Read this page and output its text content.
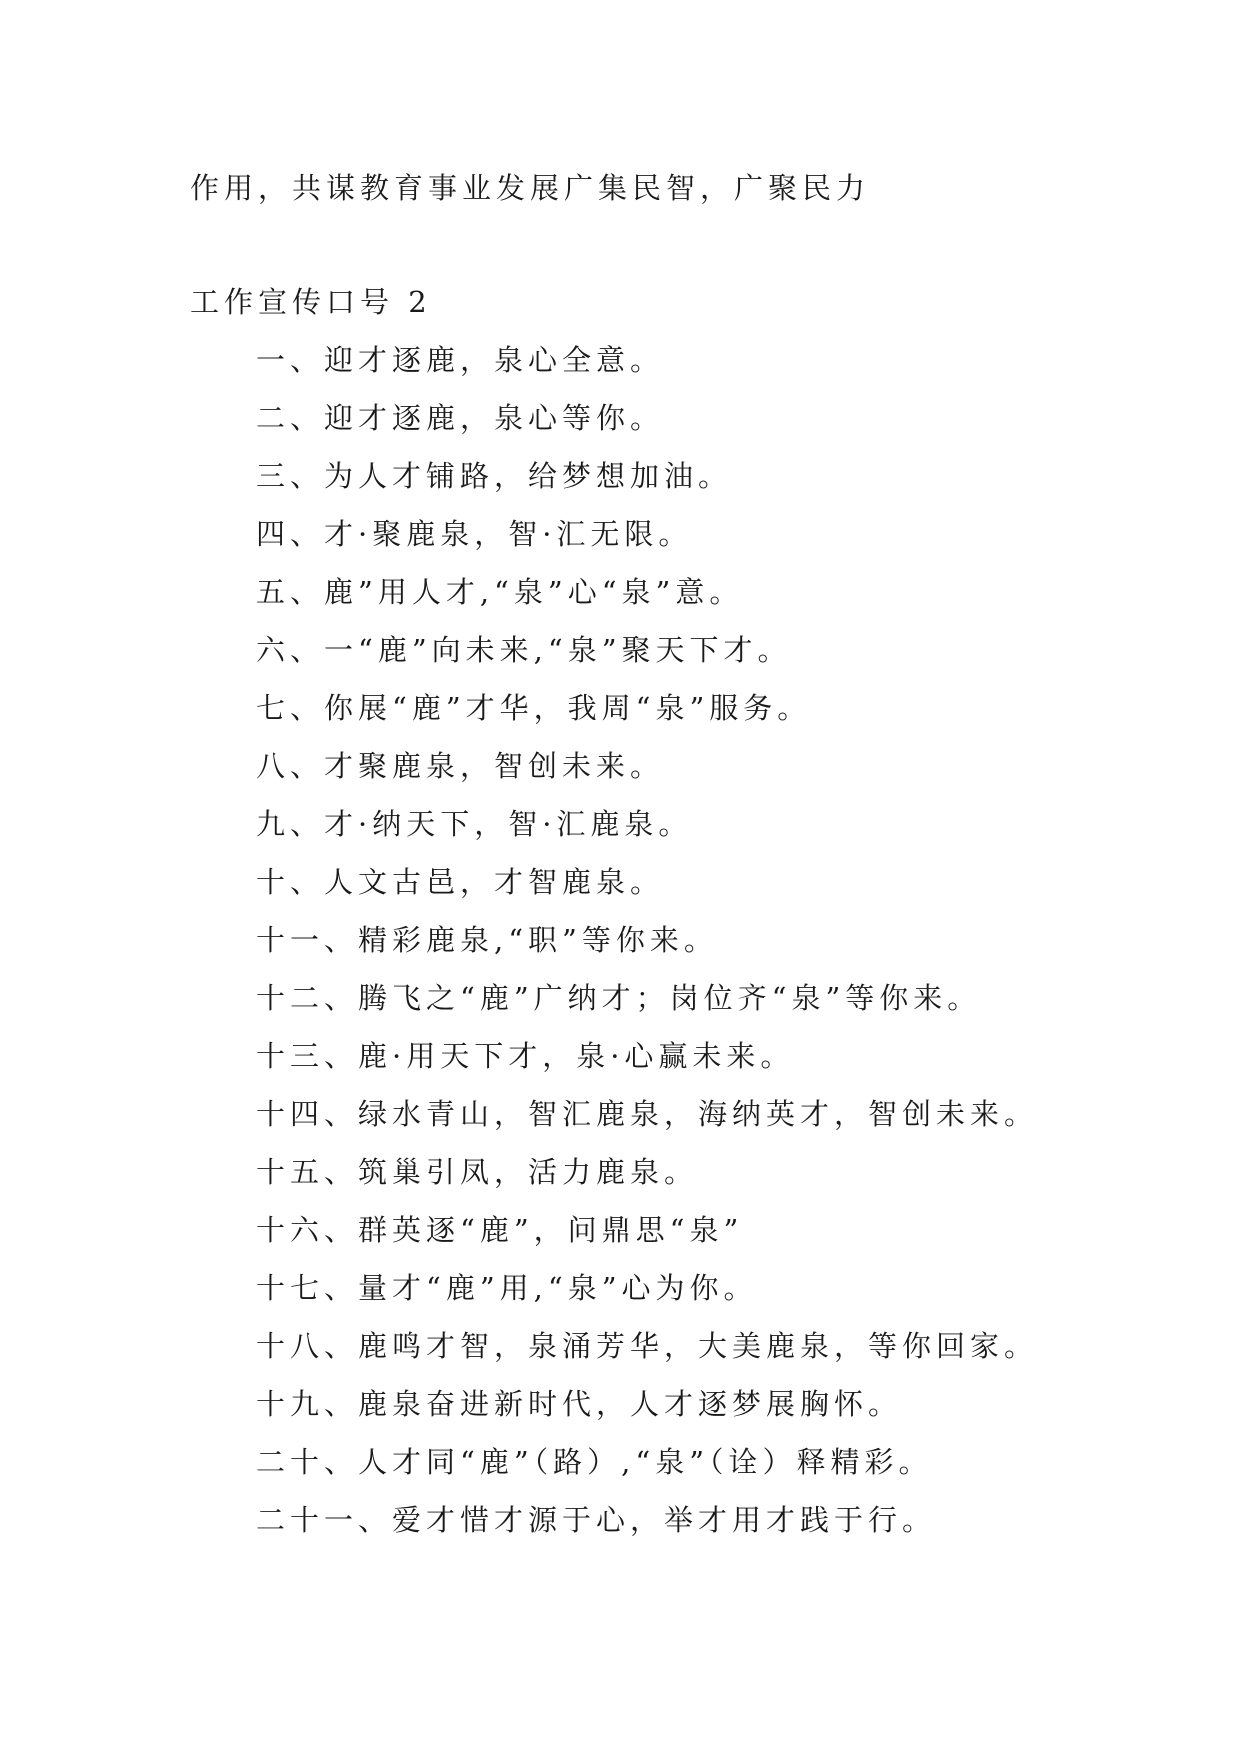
作用，共谋教育事业发展广集民智，广聚民力
工作宣传口号 2
一、迎才逐鹿，泉心全意。
二、迎才逐鹿，泉心等你。
三、为人才铺路，给梦想加油。
四、才·聚鹿泉，智·汇无限。
五、鹿”用人才,“泉”心“泉”意。
六、一“鹿”向未来,“泉”聚天下才。
七、你展“鹿”才华，我周“泉”服务。
八、才聚鹿泉，智创未来。
九、才·纳天下，智·汇鹿泉。
十、人文古邑，才智鹿泉。
十一、精彩鹿泉,“职”等你来。
十二、腾飞之“鹿”广纳才；岗位齐“泉”等你来。
十三、鹿·用天下才，泉·心赢未来。
十四、绿水青山，智汇鹿泉，海纳英才，智创未来。
十五、筑巢引凤，活力鹿泉。
十六、群英逐“鹿”，问鼎思“泉”
十七、量才“鹿”用,“泉”心为你。
十八、鹿鸣才智，泉涌芳华，大美鹿泉，等你回家。
十九、鹿泉奋进新时代，人才逐梦展胸怀。
二十、人才同“鹿”（路）,“泉”（诠）释精彩。
二十一、爱才惜才源于心，举才用才践于行。
